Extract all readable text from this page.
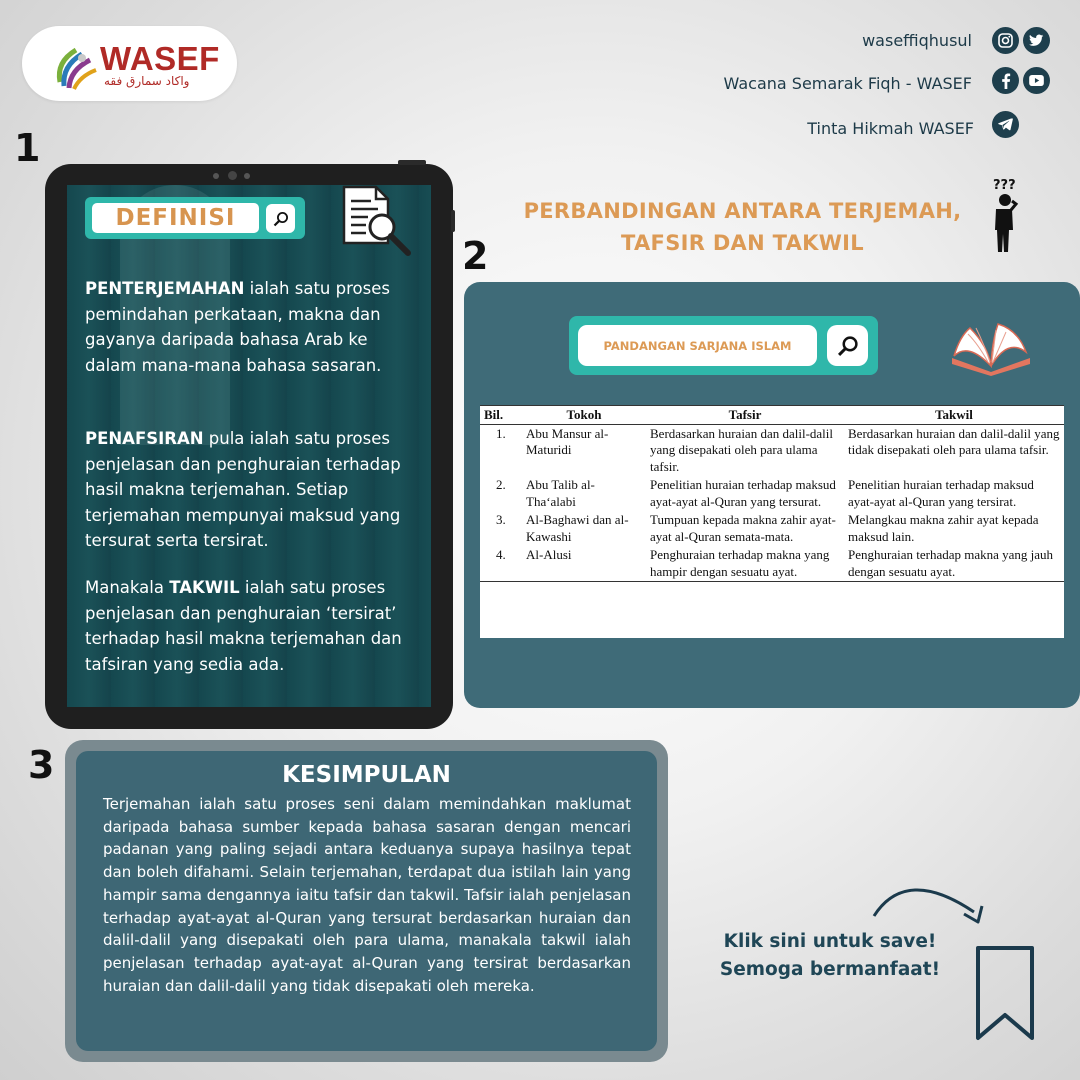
WASEF
واكاد سمارق فقه
waseffiqhusul
Wacana Semarak Fiqh - WASEF
Tinta Hikmah WASEF
1
2
3
DEFINISI
PENTERJEMAHAN ialah satu proses pemindahan perkataan, makna dan gayanya daripada bahasa Arab ke dalam mana-mana bahasa sasaran.
PENAFSIRAN pula ialah satu proses penjelasan dan penghuraian terhadap hasil makna terjemahan. Setiap terjemahan mempunyai maksud yang tersurat serta tersirat.
Manakala TAKWIL ialah satu proses penjelasan dan penghuraian ‘tersirat’ terhadap hasil makna terjemahan dan tafsiran yang sedia ada.
PERBANDINGAN ANTARA TERJEMAH,
TAFSIR DAN TAKWIL
???
PANDANGAN SARJANA ISLAM
Bil.	Tokoh	Tafsir	Takwil
1.	Abu Mansur al-Maturidi	Berdasarkan huraian dan dalil-dalil yang disepakati oleh para ulama tafsir.	Berdasarkan huraian dan dalil-dalil yang tidak disepakati oleh para ulama tafsir.
2.	Abu Talib al-Tha‘alabi	Penelitian huraian terhadap maksud ayat-ayat al-Quran yang tersurat.	Penelitian huraian terhadap maksud ayat-ayat al-Quran yang tersirat.
3.	Al-Baghawi dan al-Kawashi	Tumpuan kepada makna zahir ayat-ayat al-Quran semata-mata.	Melangkau makna zahir ayat kepada maksud lain.
4.	Al-Alusi	Penghuraian terhadap makna yang hampir dengan sesuatu ayat.	Penghuraian terhadap makna yang jauh dengan sesuatu ayat.
KESIMPULAN
Terjemahan ialah satu proses seni dalam memindahkan maklumat daripada bahasa sumber kepada bahasa sasaran dengan mencari padanan yang paling sejadi antara keduanya supaya hasilnya tepat dan boleh difahami. Selain terjemahan, terdapat dua istilah lain yang hampir sama dengannya iaitu tafsir dan takwil. Tafsir ialah penjelasan terhadap ayat-ayat al-Quran yang tersurat berdasarkan huraian dan dalil-dalil yang disepakati oleh para ulama, manakala takwil ialah penjelasan terhadap ayat-ayat al-Quran yang tersirat berdasarkan huraian dan dalil-dalil yang tidak disepakati oleh mereka.
Klik sini untuk save!
Semoga bermanfaat!
